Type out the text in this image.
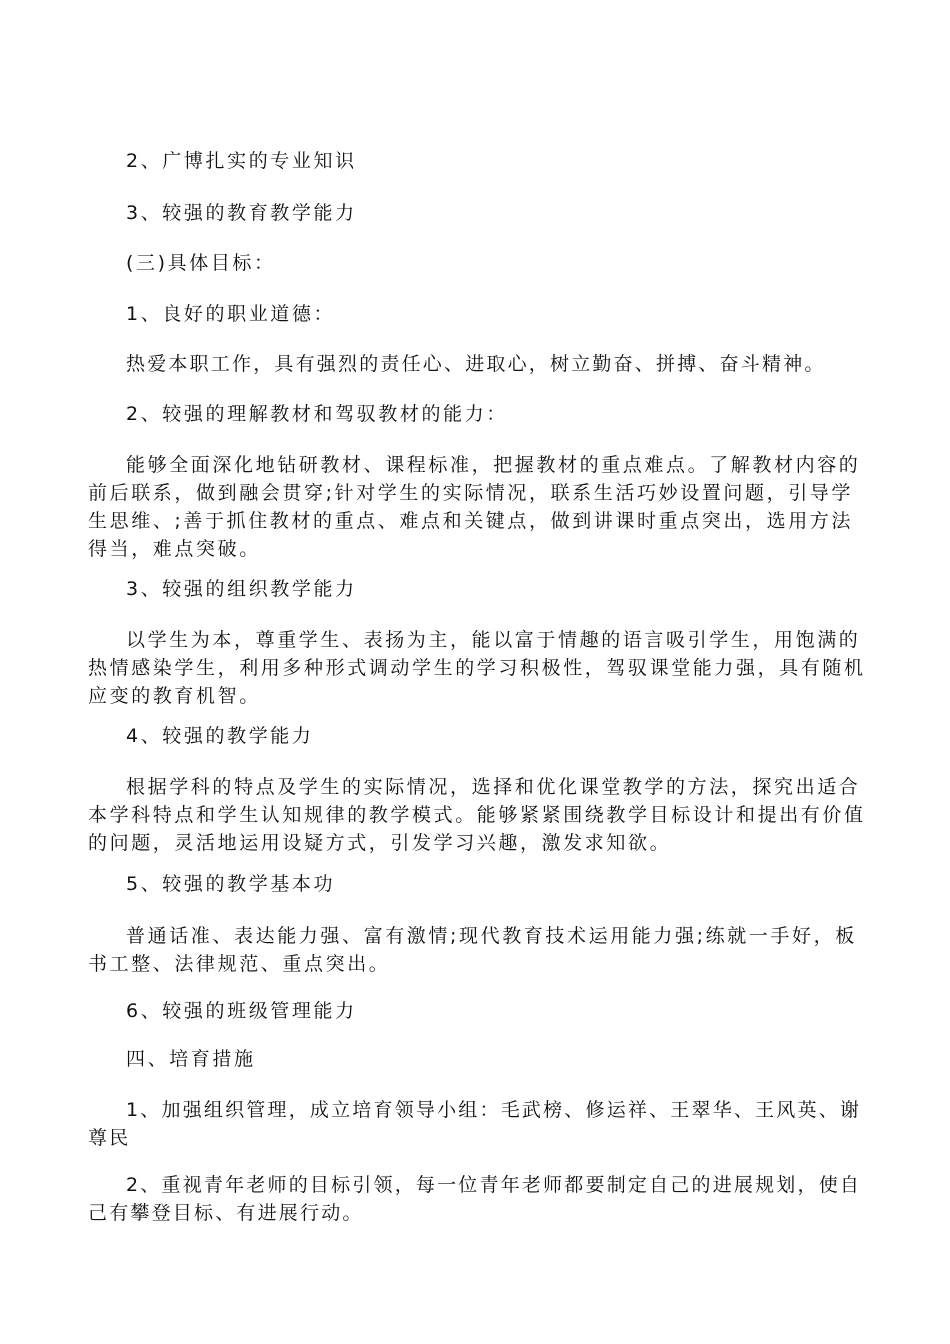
2、广博扎实的专业知识

3、较强的教育教学能力

(三)具体目标：

1、良好的职业道德：

热爱本职工作，具有强烈的责任心、进取心，树立勤奋、拼搏、奋斗精神。

2、较强的理解教材和驾驭教材的能力：

能够全面深化地钻研教材、课程标准，把握教材的重点难点。了解教材内容的前后联系，做到融会贯穿;针对学生的实际情况，联系生活巧妙设置问题，引导学生思维、;善于抓住教材的重点、难点和关键点，做到讲课时重点突出，选用方法得当，难点突破。

3、较强的组织教学能力

以学生为本，尊重学生、表扬为主，能以富于情趣的语言吸引学生，用饱满的热情感染学生，利用多种形式调动学生的学习积极性，驾驭课堂能力强，具有随机应变的教育机智。

4、较强的教学能力

根据学科的特点及学生的实际情况，选择和优化课堂教学的方法，探究出适合本学科特点和学生认知规律的教学模式。能够紧紧围绕教学目标设计和提出有价值的问题，灵活地运用设疑方式，引发学习兴趣，激发求知欲。

5、较强的教学基本功

普通话准、表达能力强、富有激情;现代教育技术运用能力强;练就一手好，板书工整、法律规范、重点突出。

6、较强的班级管理能力

四、培育措施

1、加强组织管理，成立培育领导小组：毛武榜、修运祥、王翠华、王风英、谢尊民

2、重视青年老师的目标引领，每一位青年老师都要制定自己的进展规划，使自己有攀登目标、有进展行动。
